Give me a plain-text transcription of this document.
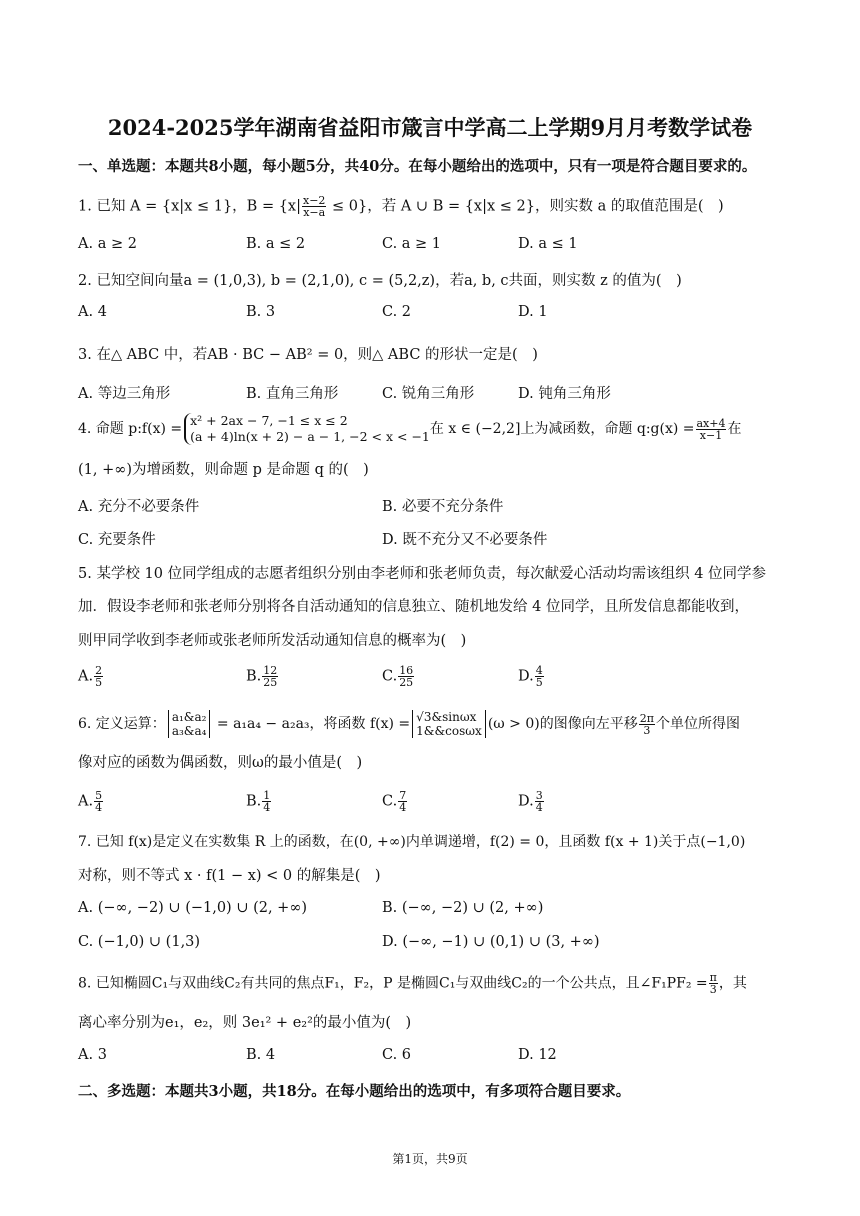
2024-2025学年湖南省益阳市箴言中学高二上学期9月月考数学试卷
一、单选题：本题共8小题，每小题5分，共40分。在每小题给出的选项中，只有一项是符合题目要求的。
1. 已知 A = {x|x ≤ 1}，$B = \{x| \frac{x-2}{x-a} \le 0\}$，若 A ∪ B = {x|x ≤ 2}，则实数 a 的取值范围是(　)
A. a ≥ 2	B. a ≤ 2	C. a ≥ 1	D. a ≤ 1
2. 已知空间向量a = (1,0,3), b = (2,1,0), c = (5,2,z)，若a, b, c共面，则实数 z 的值为(　)
A. 4	B. 3	C. 2	D. 1
3. 在△ ABC 中，若AB · BC − AB² = 0，则△ ABC 的形状一定是(　)
A. 等边三角形	B. 直角三角形	C. 锐角三角形	D. 钝角三角形
4. 命题 p:f(x) =
x² + 2ax − 7, −1 ≤ x ≤ 2
(a + 4)ln(x + 2) − a − 1, −2 < x < −1 在 x ∈ (−2,2]上为减函数，命题 q:g(x) = $\frac{ax+4}{x-1}$ 在
(1, +∞)为增函数，则命题 p 是命题 q 的(　)
A. 充分不必要条件	B. 必要不充分条件
C. 充要条件	D. 既不充分又不必要条件
5. 某学校 10 位同学组成的志愿者组织分别由李老师和张老师负责，每次献爱心活动均需该组织 4 位同学参
加．假设李老师和张老师分别将各自活动通知的信息独立、随机地发给 4 位同学，且所发信息都能收到，
则甲同学收到李老师或张老师所发活动通知信息的概率为(　)
A. $\frac{2}{5}$	B. $\frac{12}{25}$	C. $\frac{16}{25}$	D. $\frac{4}{5}$
6. 定义运算： a₁&a₂
a₃&a₄ = a₁a₄ − a₂a₃，将函数 f(x) = √3&sinωx
1&&cosωx (ω > 0)的图像向左平移 $\frac{2\pi}{3}$ 个单位所得图
像对应的函数为偶函数，则ω的最小值是(　)
A. $\frac{5}{4}$	B. $\frac{1}{4}$	C. $\frac{7}{4}$	D. $\frac{3}{4}$
7. 已知 f(x)是定义在实数集 R 上的函数，在(0, +∞)内单调递增，f(2) = 0，且函数 f(x + 1)关于点(−1,0)
对称，则不等式 x · f(1 − x) < 0 的解集是(　)
A. (−∞, −2) ∪ (−1,0) ∪ (2, +∞)	B. (−∞, −2) ∪ (2, +∞)
C. (−1,0) ∪ (1,3)	D. (−∞, −1) ∪ (0,1) ∪ (3, +∞)
8. 已知椭圆C₁与双曲线C₂有共同的焦点F₁，F₂，P 是椭圆C₁与双曲线C₂的一个公共点，且∠F₁PF₂ = $\frac{\pi}{3}$ ，其
离心率分别为e₁，e₂，则 3e₁² + e₂²的最小值为(　)
A. 3	B. 4	C. 6	D. 12
二、多选题：本题共3小题，共18分。在每小题给出的选项中，有多项符合题目要求。
第1页，共9页
